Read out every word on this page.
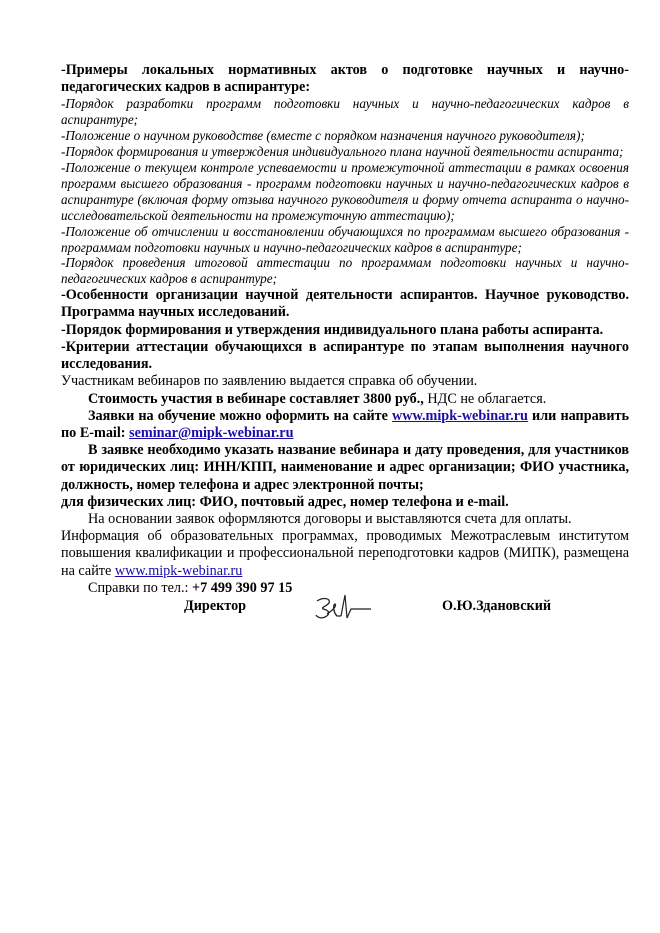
-Примеры локальных нормативных актов о подготовке научных и научно-педагогических кадров в аспирантуре:

-Порядок разработки программ подготовки научных и научно-педагогических кадров в аспирантуре;

-Положение о научном руководстве (вместе с порядком назначения научного руководителя);

-Порядок формирования и утверждения индивидуального плана научной деятельности аспиранта;

-Положение о текущем контроле успеваемости и промежуточной аттестации в рамках освоения программ высшего образования - программ подготовки научных и научно-педагогических кадров в аспирантуре (включая форму отзыва научного руководителя и форму отчета аспиранта о научно-исследовательской деятельности на промежуточную аттестацию);

-Положение об отчислении и восстановлении обучающихся по программам высшего образования - программам подготовки научных и научно-педагогических кадров в аспирантуре;

-Порядок проведения итоговой аттестации по программам подготовки научных и научно-педагогических кадров в аспирантуре;

-Особенности организации научной деятельности аспирантов. Научное руководство. Программа научных исследований.

-Порядок формирования и утверждения индивидуального плана работы аспиранта.

-Критерии аттестации обучающихся в аспирантуре по этапам выполнения научного исследования.

Участникам вебинаров по заявлению выдается справка об обучении.

Стоимость участия в вебинаре составляет 3800 руб., НДС не облагается.

Заявки на обучение можно оформить на сайте www.mipk-webinar.ru или направить по E-mail: seminar@mipk-webinar.ru

В заявке необходимо указать название вебинара и дату проведения, для участников от юридических лиц: ИНН/КПП, наименование и адрес организации; ФИО участника, должность, номер телефона и адрес электронной почты;

для физических лиц: ФИО, почтовый адрес, номер телефона и e-mail.

На основании заявок оформляются договоры и выставляются счета для оплаты.

Информация об образовательных программах, проводимых Межотраслевым институтом повышения квалификации и профессиональной переподготовки кадров (МИПК), размещена на сайте www.mipk-webinar.ru

Справки по тел.: +7 499 390 97 15

Директор	О.Ю.Здановский
